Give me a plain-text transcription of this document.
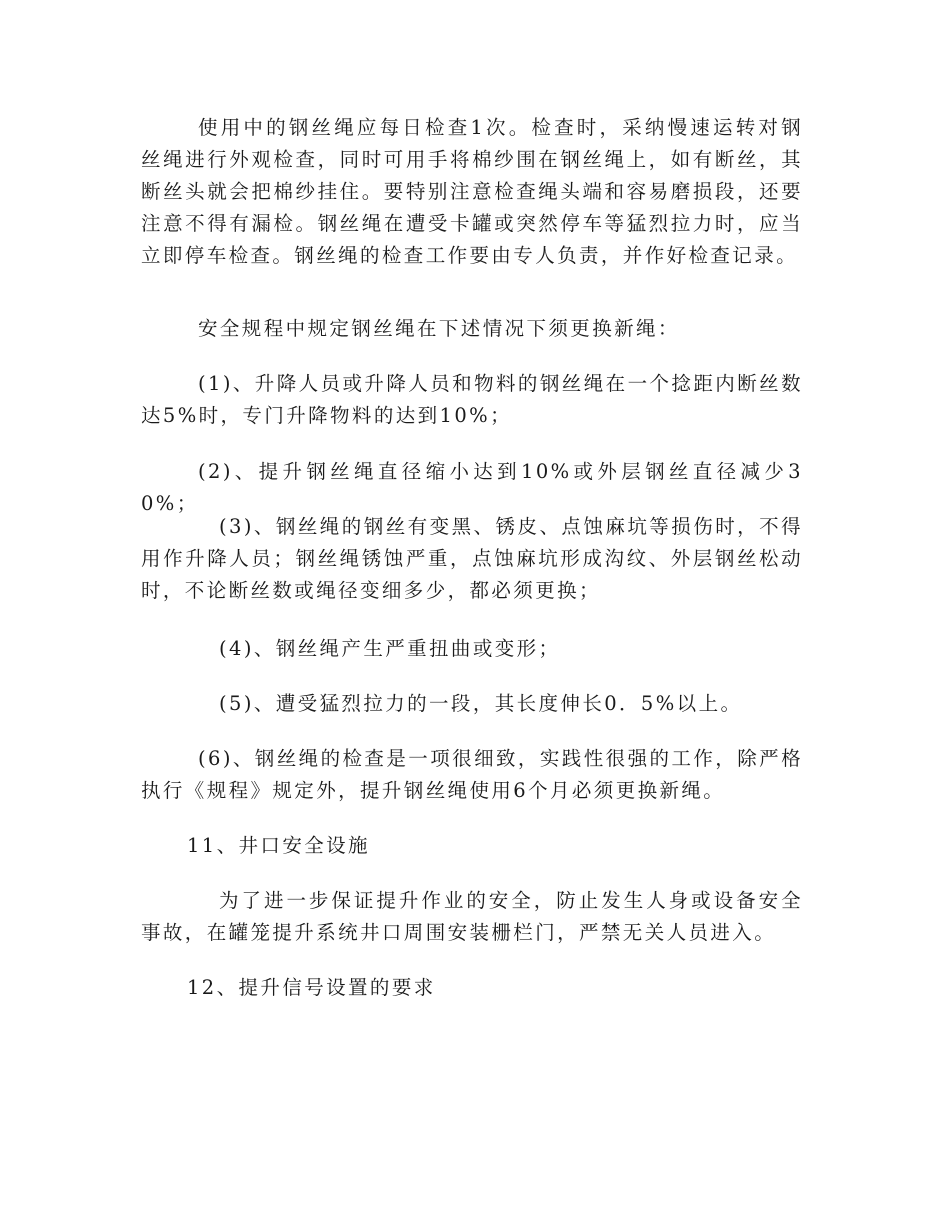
使用中的钢丝绳应每日检查1次。检查时，采纳慢速运转对钢丝绳进行外观检查，同时可用手将棉纱围在钢丝绳上，如有断丝，其断丝头就会把棉纱挂住。要特别注意检查绳头端和容易磨损段，还要注意不得有漏检。钢丝绳在遭受卡罐或突然停车等猛烈拉力时，应当立即停车检查。钢丝绳的检查工作要由专人负责，并作好检查记录。

安全规程中规定钢丝绳在下述情况下须更换新绳：

(1)、升降人员或升降人员和物料的钢丝绳在一个捻距内断丝数达5%时，专门升降物料的达到10%；

(2)、提升钢丝绳直径缩小达到10%或外层钢丝直径减少30%；

(3)、钢丝绳的钢丝有变黑、锈皮、点蚀麻坑等损伤时，不得用作升降人员；钢丝绳锈蚀严重，点蚀麻坑形成沟纹、外层钢丝松动时，不论断丝数或绳径变细多少，都必须更换；

(4)、钢丝绳产生严重扭曲或变形；

(5)、遭受猛烈拉力的一段，其长度伸长0．5%以上。

(6)、钢丝绳的检查是一项很细致，实践性很强的工作，除严格执行《规程》规定外，提升钢丝绳使用6个月必须更换新绳。

11、井口安全设施

为了进一步保证提升作业的安全，防止发生人身或设备安全事故，在罐笼提升系统井口周围安装栅栏门，严禁无关人员进入。

12、提升信号设置的要求
